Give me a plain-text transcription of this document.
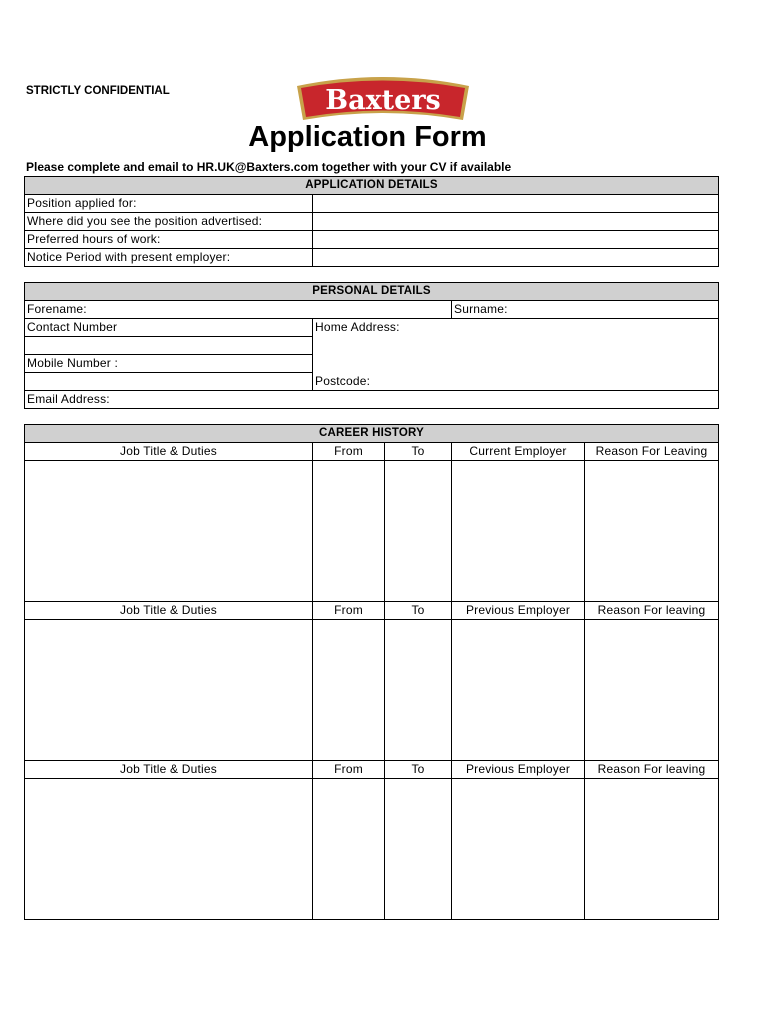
STRICTLY CONFIDENTIAL	Baxters
Application Form
Please complete and email to HR.UK@Baxters.com together with your CV if available
APPLICATION DETAILS	
Position applied for:	
Where did you see the position advertised:	
Preferred hours of work:	
Notice Period with present employer:	
PERSONAL DETAILS		
Forename:		Surname:
Contact Number	Home Address:	

Mobile Number :		
	Postcode:	
Email Address:		
CAREER HISTORY				
Job Title & Duties	From	To	Current Employer	Reason For Leaving

Job Title & Duties	From	To	Previous Employer	Reason For leaving

Job Title & Duties	From	To	Previous Employer	Reason For leaving
